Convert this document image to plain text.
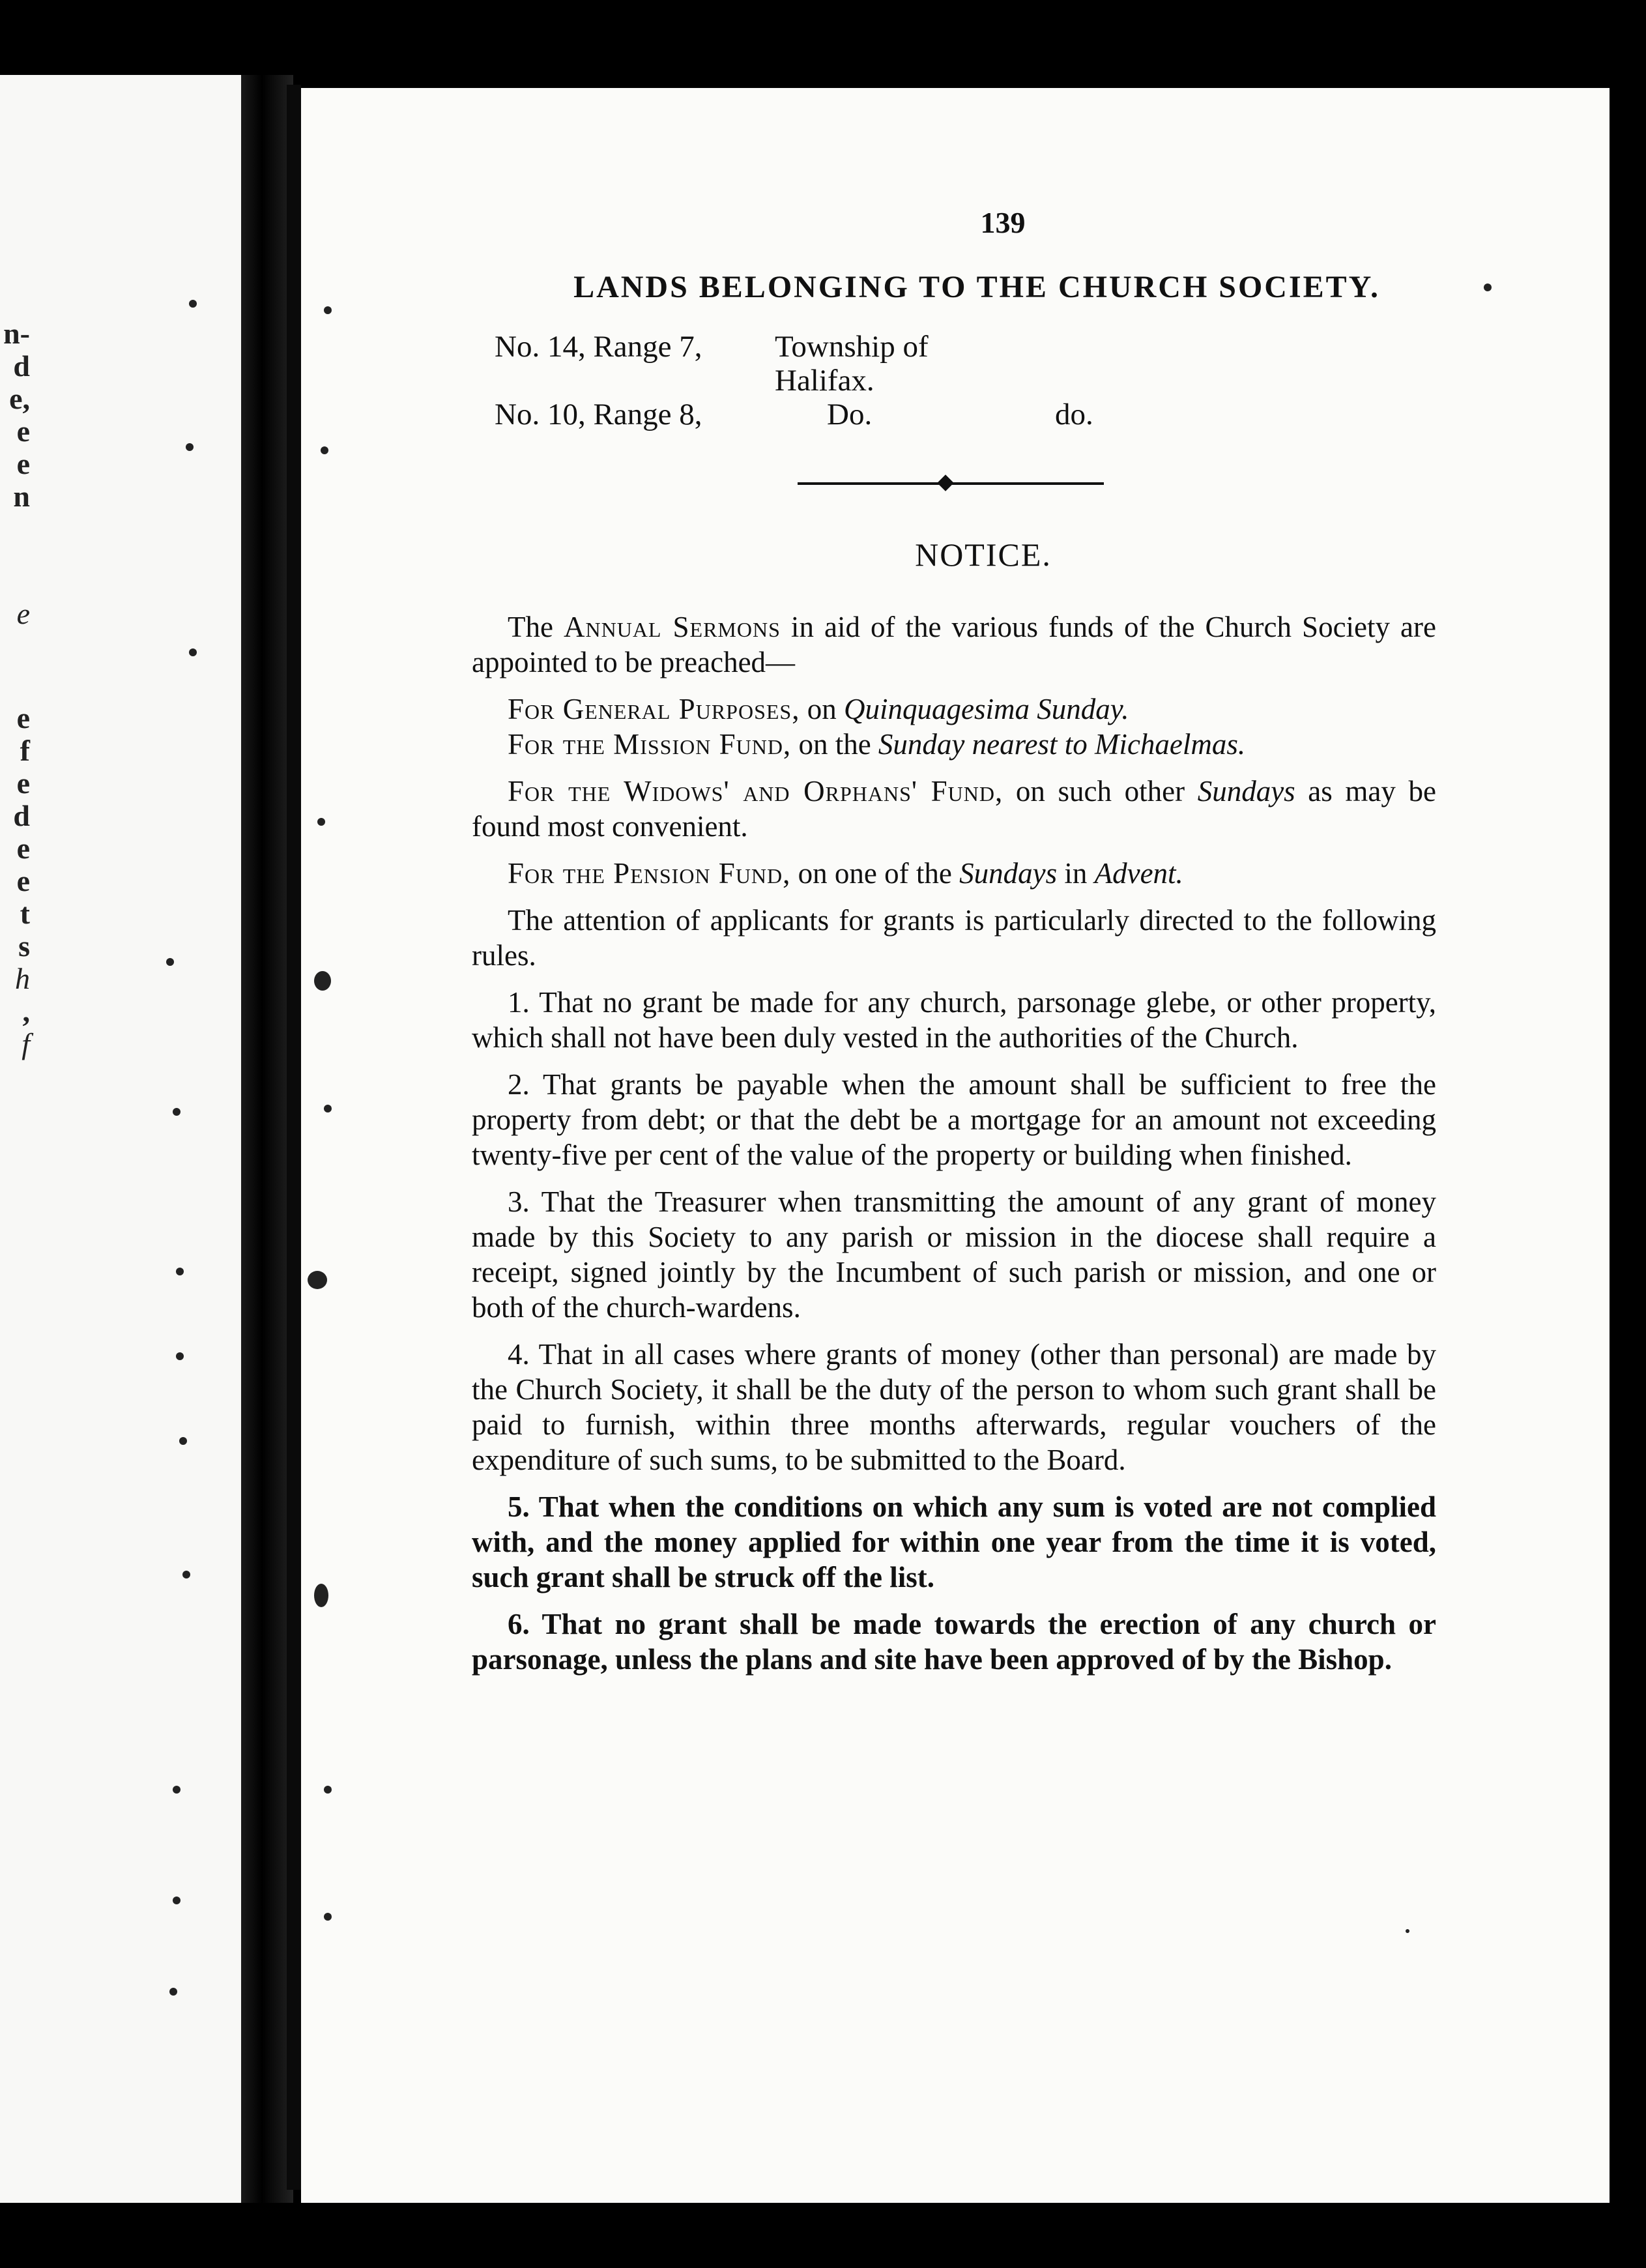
n-
d
e,
e
e
n
e
e
f
e
d
e
e
t
s
h
,
f
139
LANDS BELONGING TO THE CHURCH SOCIETY.
No. 14, Range 7,	Township of Halifax.
No. 10, Range 8,	Do.	do.
NOTICE.

The Annual Sermons in aid of the various funds of the Church Society are appointed to be preached—

For General Purposes, on Quinquagesima Sunday.

For the Mission Fund, on the Sunday nearest to Michaelmas.

For the Widows' and Orphans' Fund, on such other Sundays as may be found most convenient.

For the Pension Fund, on one of the Sundays in Advent.

The attention of applicants for grants is particularly directed to the following rules.

1. That no grant be made for any church, parsonage glebe, or other property, which shall not have been duly vested in the authorities of the Church.

2. That grants be payable when the amount shall be sufficient to free the property from debt; or that the debt be a mortgage for an amount not exceeding twenty-five per cent of the value of the property or building when finished.

3. That the Treasurer when transmitting the amount of any grant of money made by this Society to any parish or mission in the diocese shall require a receipt, signed jointly by the Incumbent of such parish or mission, and one or both of the church-wardens.

4. That in all cases where grants of money (other than personal) are made by the Church Society, it shall be the duty of the person to whom such grant shall be paid to furnish, within three months afterwards, regular vouchers of the expenditure of such sums, to be submitted to the Board.

5. That when the conditions on which any sum is voted are not complied with, and the money applied for within one year from the time it is voted, such grant shall be struck off the list.

6. That no grant shall be made towards the erection of any church or parsonage, unless the plans and site have been approved of by the Bishop.
